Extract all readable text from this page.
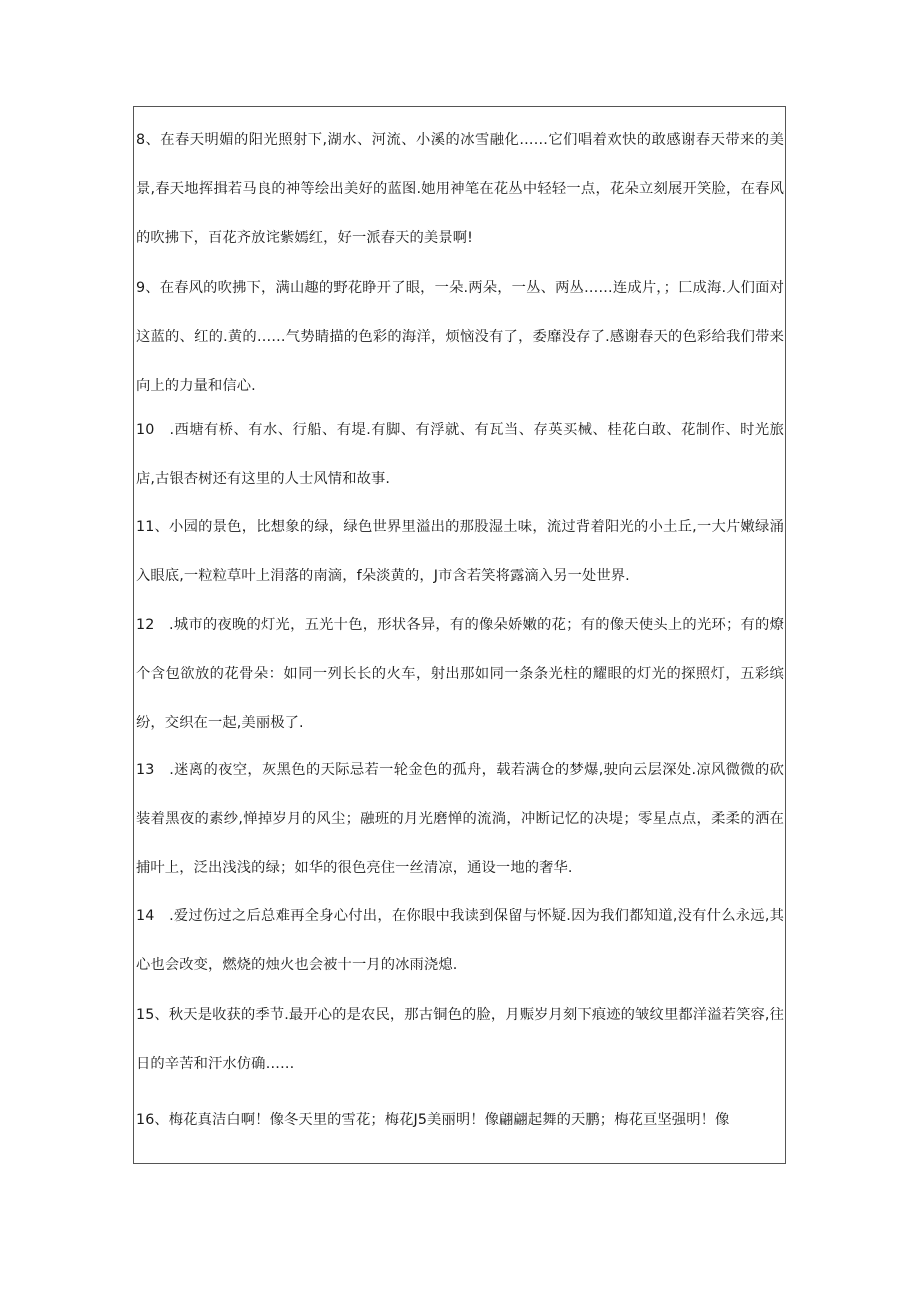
8、在春天明媚的阳光照射下,湖水、河流、小溪的冰雪融化……它们唱着欢快的敢感谢春天带来的美景,春天地挥揖若马良的神等绘出美好的蓝图.她用神笔在花丛中轻轻一点，花朵立刻展开笑脸，在春风的吹拂下，百花齐放诧紫嫣红，好一派春天的美景啊!

9、在春风的吹拂下，满山趣的野花睁开了眼，一朵.两朵，一丛、两丛……连成片，；匚成海.人们面对这蓝的、红的.黄的……气势睛描的色彩的海洋，烦恼没有了，委靡没存了.感谢春天的色彩给我们带来向上的力量和信心.

10　.西塘有桥、有水、行船、有堤.有脚、有浮就、有瓦当、存英买械、桂花白敢、花制作、时光旅店,古银杏树还有这里的人士风情和故事.

11、小园的景色，比想象的绿，绿色世界里溢出的那股湿土味，流过背着阳光的小土丘,一大片嫩绿涌入眼底,一粒粒草叶上涓落的南滴，f朵淡黄的，J市含若笑将露滴入另一处世界.

12　.城市的夜晚的灯光，五光十色，形状各异，有的像朵娇嫩的花；有的像天使头上的光环；有的燎个含包欲放的花骨朵：如同一列长长的火车，射出那如同一条条光柱的耀眼的灯光的探照灯，五彩缤纷，交织在一起,美丽极了.

13　.迷离的夜空，灰黑色的天际忌若一轮金色的孤舟，载若满仓的梦爆,驶向云层深处.凉风微微的砍装着黑夜的素纱,惮掉岁月的风尘；融班的月光磨惮的流淌，冲断记忆的决堤；零星点点，柔柔的洒在捕叶上，泛出浅浅的绿；如华的很色亮住一丝清凉，通设一地的奢华.

14　.爱过伤过之后总难再全身心付出，在你眼中我读到保留与怀疑.因为我们都知道,没有什么永远,其心也会改变，燃烧的烛火也会被十一月的冰雨浇熄.

15、秋天是收获的季节.最开心的是农民，那古铜色的脸，月赈岁月刻下痕迹的皱纹里都洋溢若笑容,往日的辛苦和汗水仿确……

16、梅花真洁白啊！像冬天里的雪花；梅花J5美丽明！像翩翩起舞的天鹏；梅花亘坚强明！像
